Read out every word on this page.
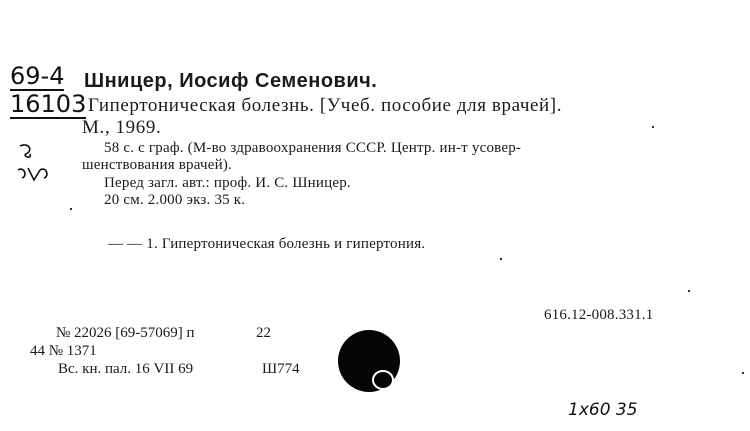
69-4
16103
Шницер, Иосиф Семенович.
Гипертоническая болезнь. [Учеб. пособие для врачей].
М., 1969.
58 с. с граф. (М-во здравоохранения СССР. Центр. ин-т усовер-
шенствования врачей).
Перед загл. авт.: проф. И. С. Шницер.
20 см. 2.000 экз. 35 к.
— — 1. Гипертоническая болезнь и гипертония.
616.12-008.331.1
№ 22026 [69-57069] п	22
44 № 1371
Вс. кн. пал. 16 VII 69	Ш774
1х60 35
